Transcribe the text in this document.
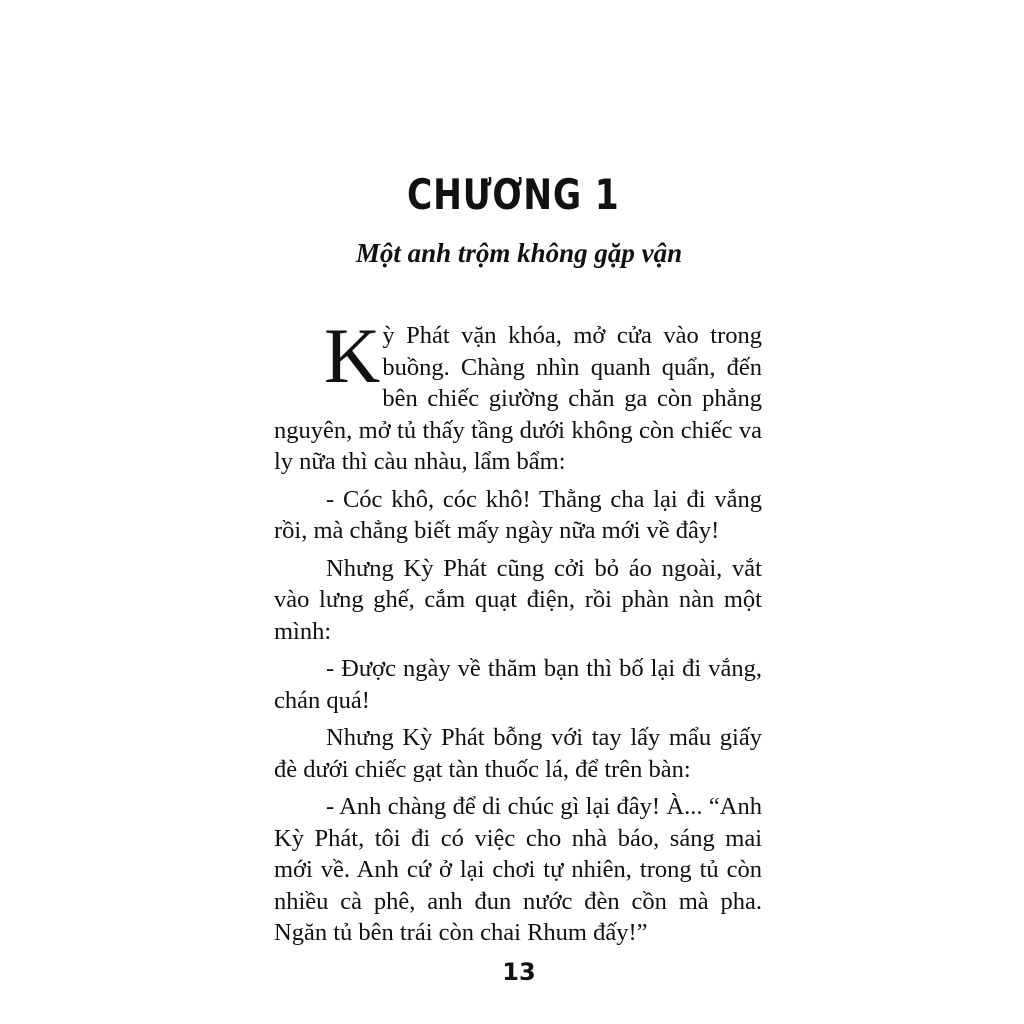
CHƯƠNG 1
Một anh trộm không gặp vận

Kỳ Phát vặn khóa, mở cửa vào trong buồng. Chàng nhìn quanh quẩn, đến bên chiếc giường chăn ga còn phẳng nguyên, mở tủ thấy tầng dưới không còn chiếc va ly nữa thì càu nhàu, lẩm bẩm:

- Cóc khô, cóc khô! Thằng cha lại đi vắng rồi, mà chẳng biết mấy ngày nữa mới về đây!

Nhưng Kỳ Phát cũng cởi bỏ áo ngoài, vắt vào lưng ghế, cắm quạt điện, rồi phàn nàn một mình:

- Được ngày về thăm bạn thì bố lại đi vắng, chán quá!

Nhưng Kỳ Phát bỗng với tay lấy mẩu giấy đè dưới chiếc gạt tàn thuốc lá, để trên bàn:

- Anh chàng để di chúc gì lại đây! À... “Anh Kỳ Phát, tôi đi có việc cho nhà báo, sáng mai mới về. Anh cứ ở lại chơi tự nhiên, trong tủ còn nhiều cà phê, anh đun nước đèn cồn mà pha. Ngăn tủ bên trái còn chai Rhum đấy!”

13
